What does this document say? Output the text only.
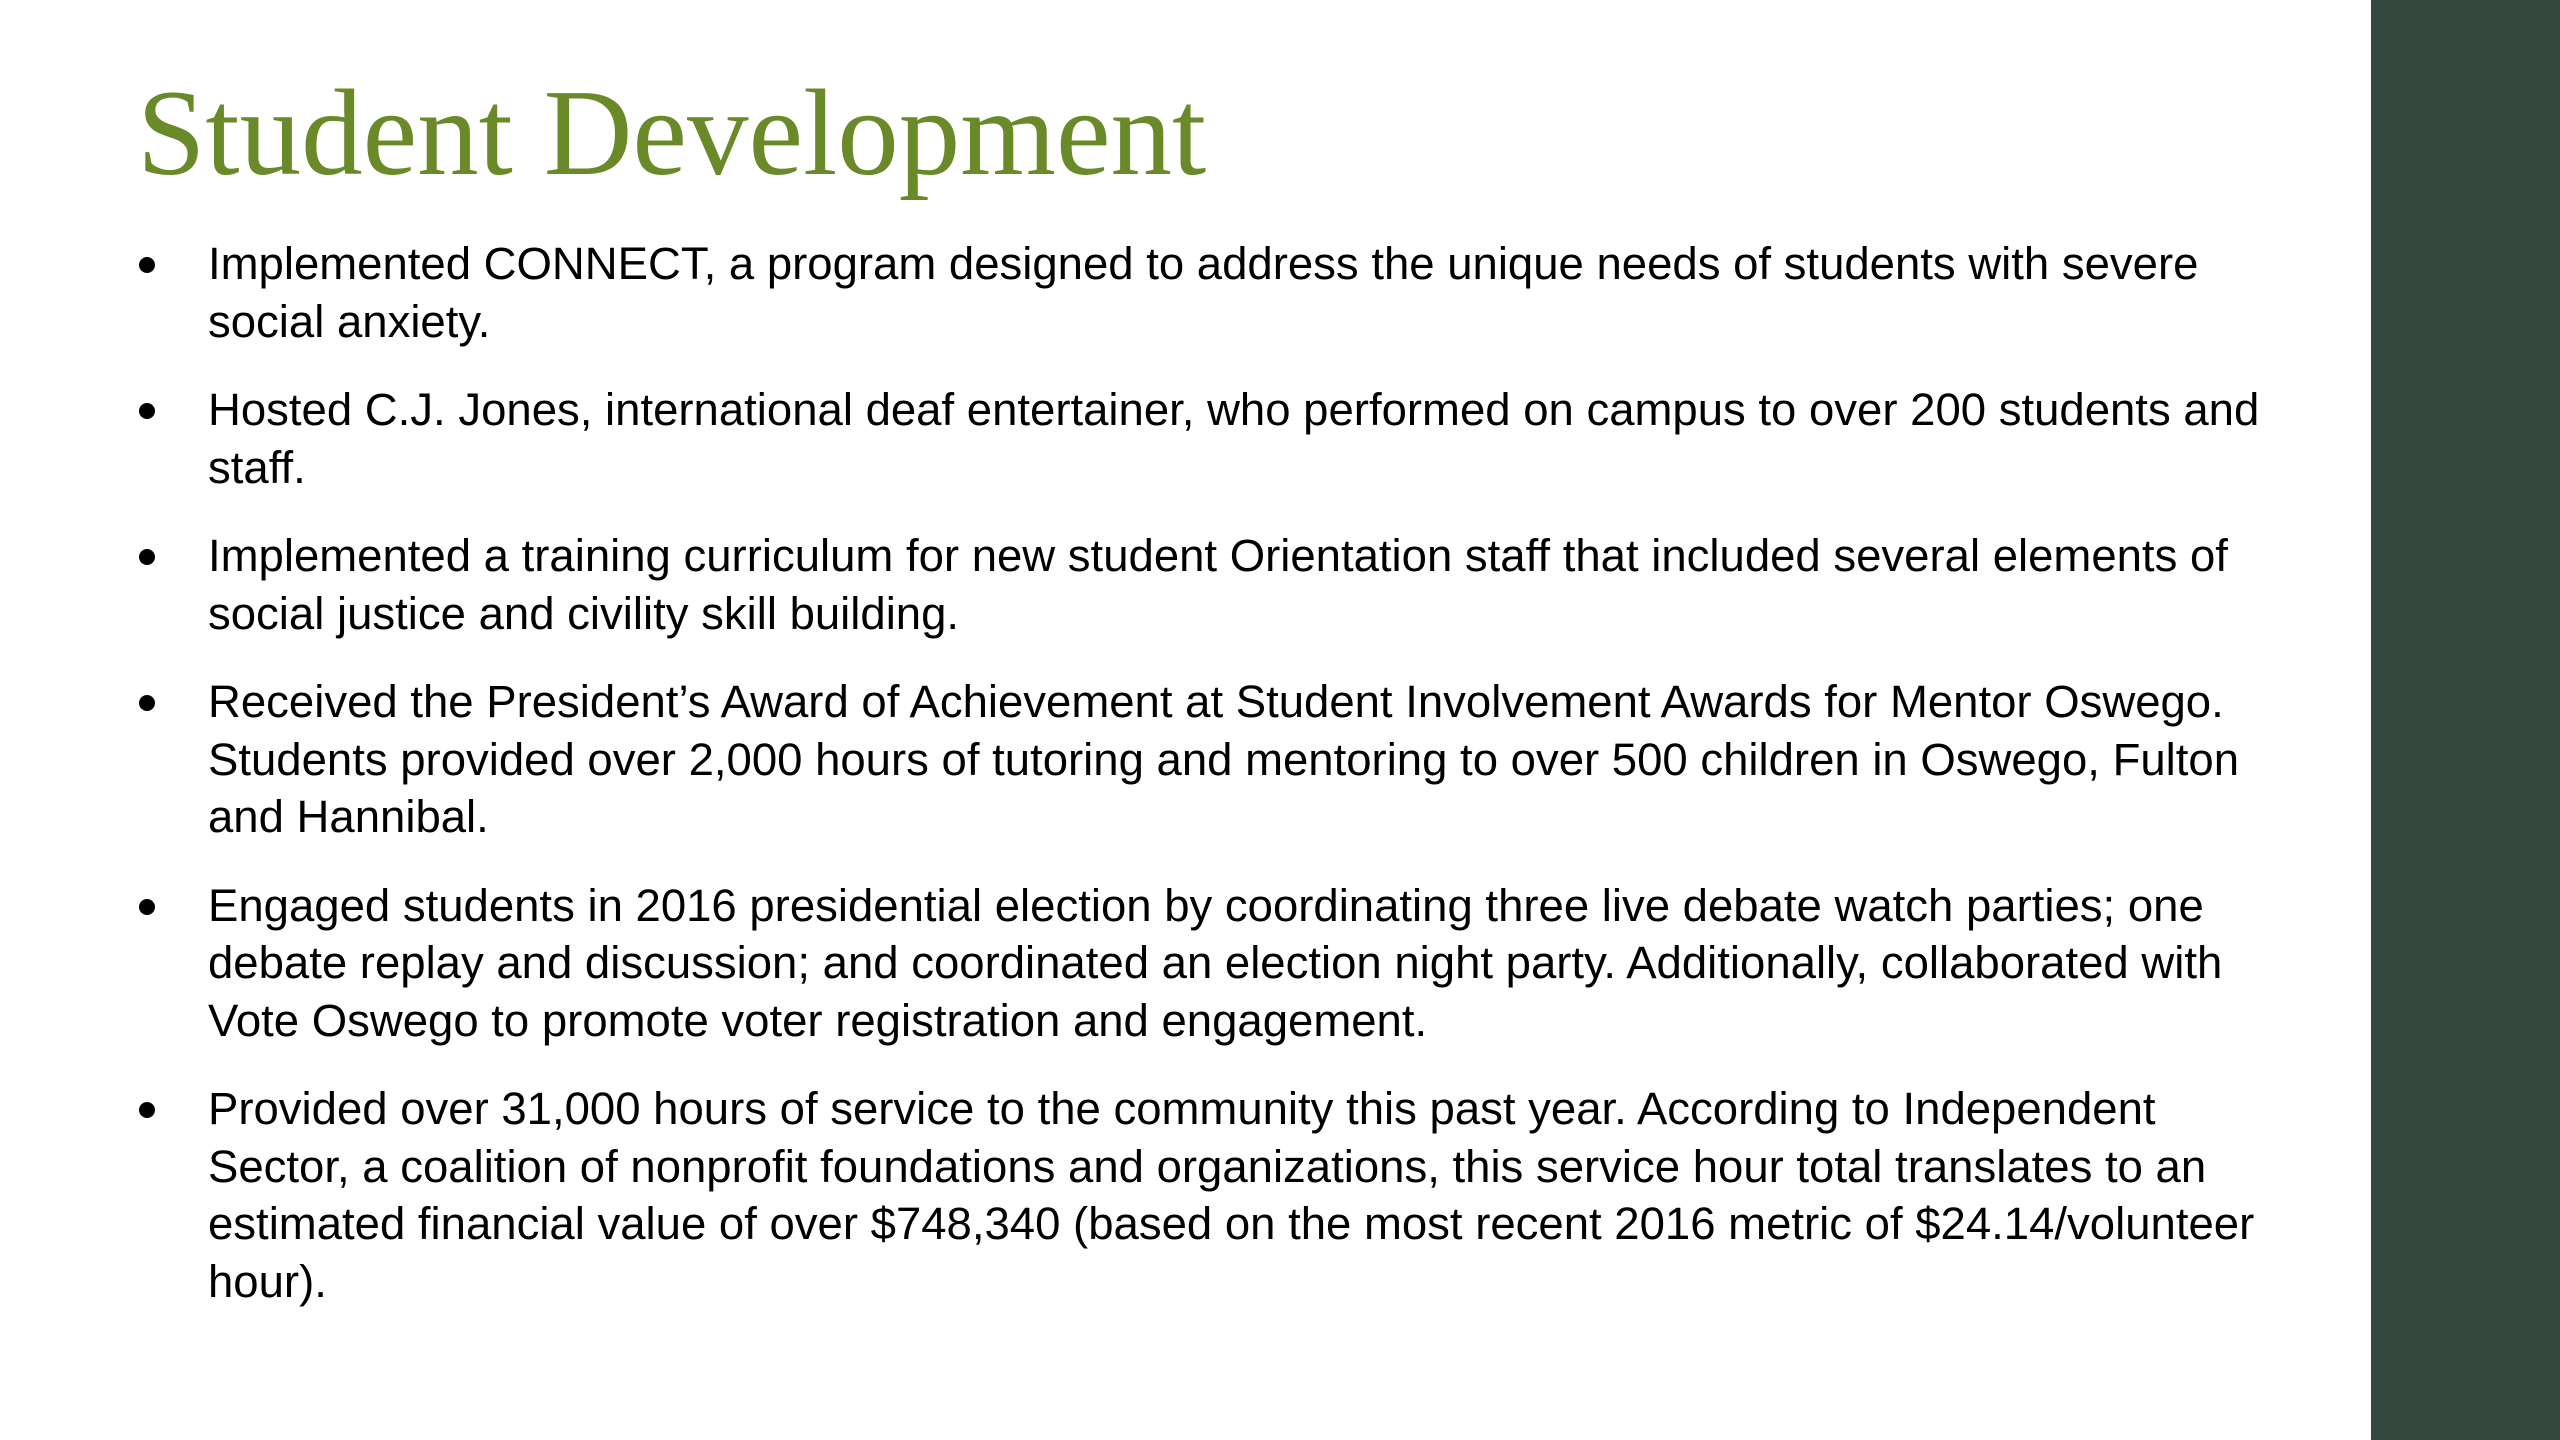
Student Development
Implemented CONNECT, a program designed to address the unique needs of students with severe social anxiety.
Hosted C.J. Jones, international deaf entertainer, who performed on campus to over 200 students and staff.
Implemented a training curriculum for new student Orientation staff that included several elements of social justice and civility skill building.
Received the President’s Award of Achievement at Student Involvement Awards for Mentor Oswego. Students provided over 2,000 hours of tutoring and mentoring to over 500 children in Oswego, Fulton and Hannibal.
Engaged students in 2016 presidential election by coordinating three live debate watch parties; one debate replay and discussion; and coordinated an election night party. Additionally, collaborated with Vote Oswego to promote voter registration and engagement.
Provided over 31,000 hours of service to the community this past year. According to Independent Sector, a coalition of nonprofit foundations and organizations, this service hour total translates to an estimated financial value of over $748,340 (based on the most recent 2016 metric of $24.14/volunteer hour).
